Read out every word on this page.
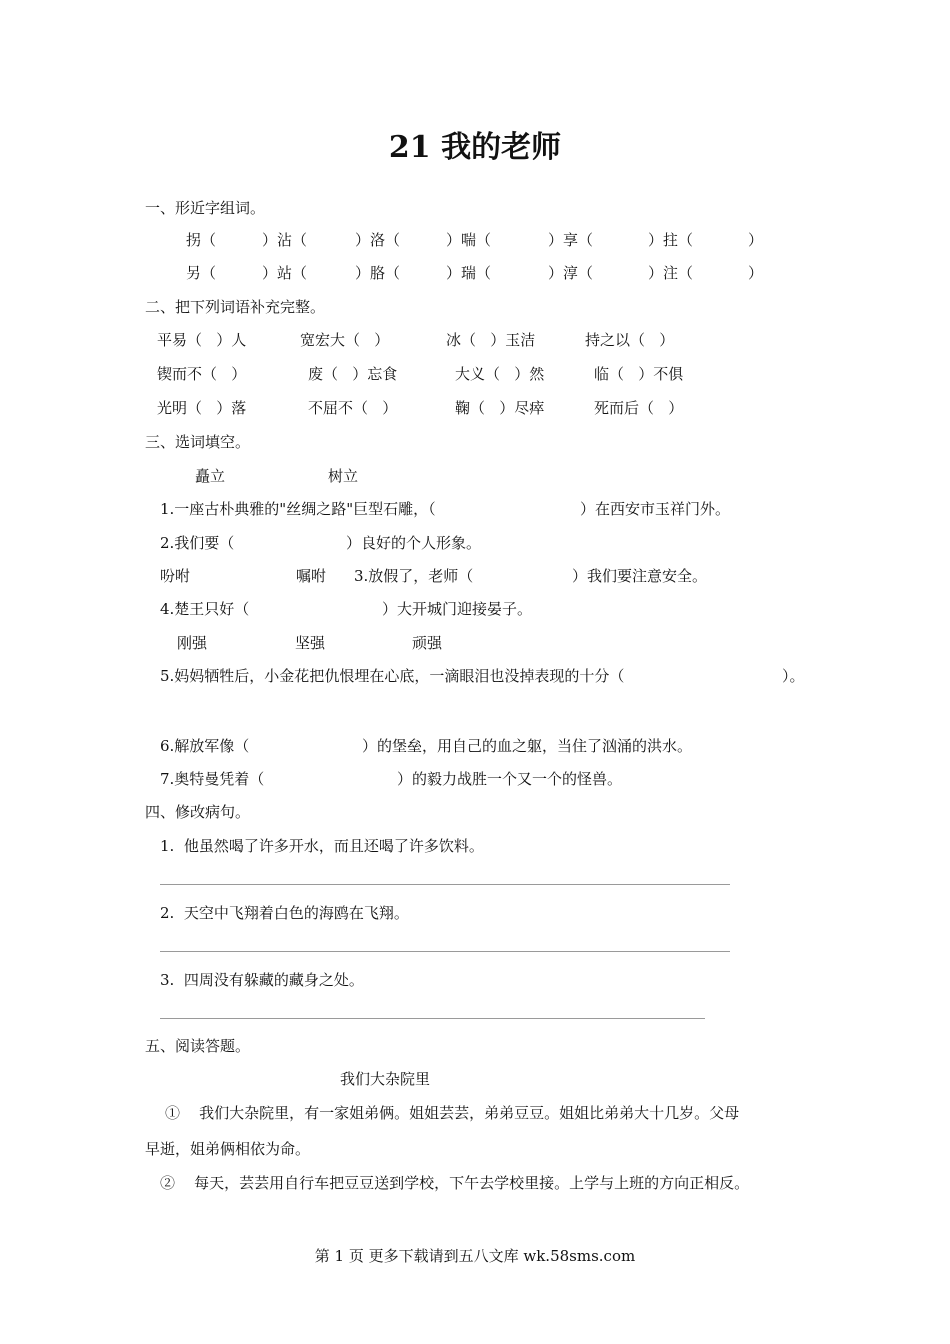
21 我的老师
一、形近字组词。
拐（	）沾（	）洛（	）喘（	）享（	）拄（	）
另（	）站（	）胳（	）瑞（	）淳（	）注（	）
二、把下列词语补充完整。
平易（   ）人	宽宏大（   ）	冰（   ）玉洁	持之以（   ）
锲而不（   ）	废（   ）忘食	大义（   ）然	临（   ）不俱
光明（   ）落	不屈不（   ）	鞠（   ）尽瘁	死而后（   ）
三、选词填空。
矗立	树立
1.一座古朴典雅的"丝绸之路"巨型石雕，（	）在西安市玉祥门外。
2.我们要（	）良好的个人形象。
吩咐	嘱咐 3.放假了，老师（	）我们要注意安全。
4.楚王只好（	）大开城门迎接晏子。
刚强	坚强	顽强
5.妈妈牺牲后，小金花把仇恨埋在心底，一滴眼泪也没掉表现的十分（	）。
6.解放军像（	）的堡垒，用自己的血之躯，当住了汹涌的洪水。
7.奥特曼凭着（	）的毅力战胜一个又一个的怪兽。
四、修改病句。
1.  他虽然喝了许多开水，而且还喝了许多饮料。
2.  天空中飞翔着白色的海鸥在飞翔。
3.  四周没有躲藏的藏身之处。
五、阅读答题。
我们大杂院里
①    我们大杂院里，有一家姐弟俩。姐姐芸芸，弟弟豆豆。姐姐比弟弟大十几岁。父母
早逝，姐弟俩相依为命。
②    每天，芸芸用自行车把豆豆送到学校，下午去学校里接。上学与上班的方向正相反。
第 1 页 更多下载请到五八文库 wk.58sms.com
